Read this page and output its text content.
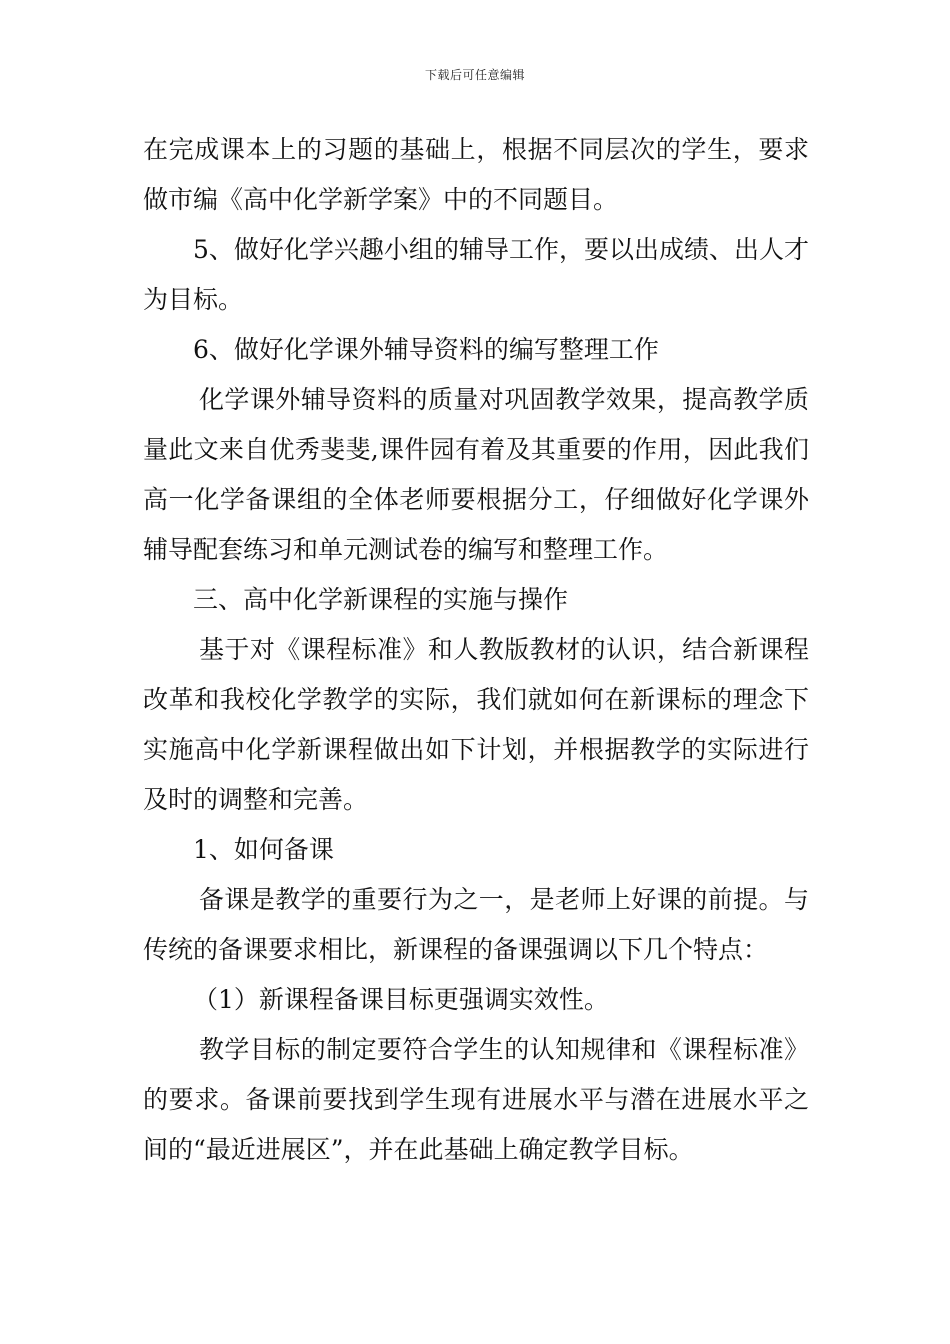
下载后可任意编辑

在完成课本上的习题的基础上，根据不同层次的学生，要求做市编《高中化学新学案》中的不同题目。

5、做好化学兴趣小组的辅导工作，要以出成绩、出人才为目标。

6、做好化学课外辅导资料的编写整理工作

化学课外辅导资料的质量对巩固教学效果，提高教学质量此文来自优秀斐斐,课件园有着及其重要的作用，因此我们高一化学备课组的全体老师要根据分工，仔细做好化学课外辅导配套练习和单元测试卷的编写和整理工作。

三、高中化学新课程的实施与操作

基于对《课程标准》和人教版教材的认识，结合新课程改革和我校化学教学的实际，我们就如何在新课标的理念下实施高中化学新课程做出如下计划，并根据教学的实际进行及时的调整和完善。

1、如何备课

备课是教学的重要行为之一，是老师上好课的前提。与传统的备课要求相比，新课程的备课强调以下几个特点：

（1）新课程备课目标更强调实效性。

教学目标的制定要符合学生的认知规律和《课程标准》的要求。备课前要找到学生现有进展水平与潜在进展水平之间的“最近进展区”，并在此基础上确定教学目标。
